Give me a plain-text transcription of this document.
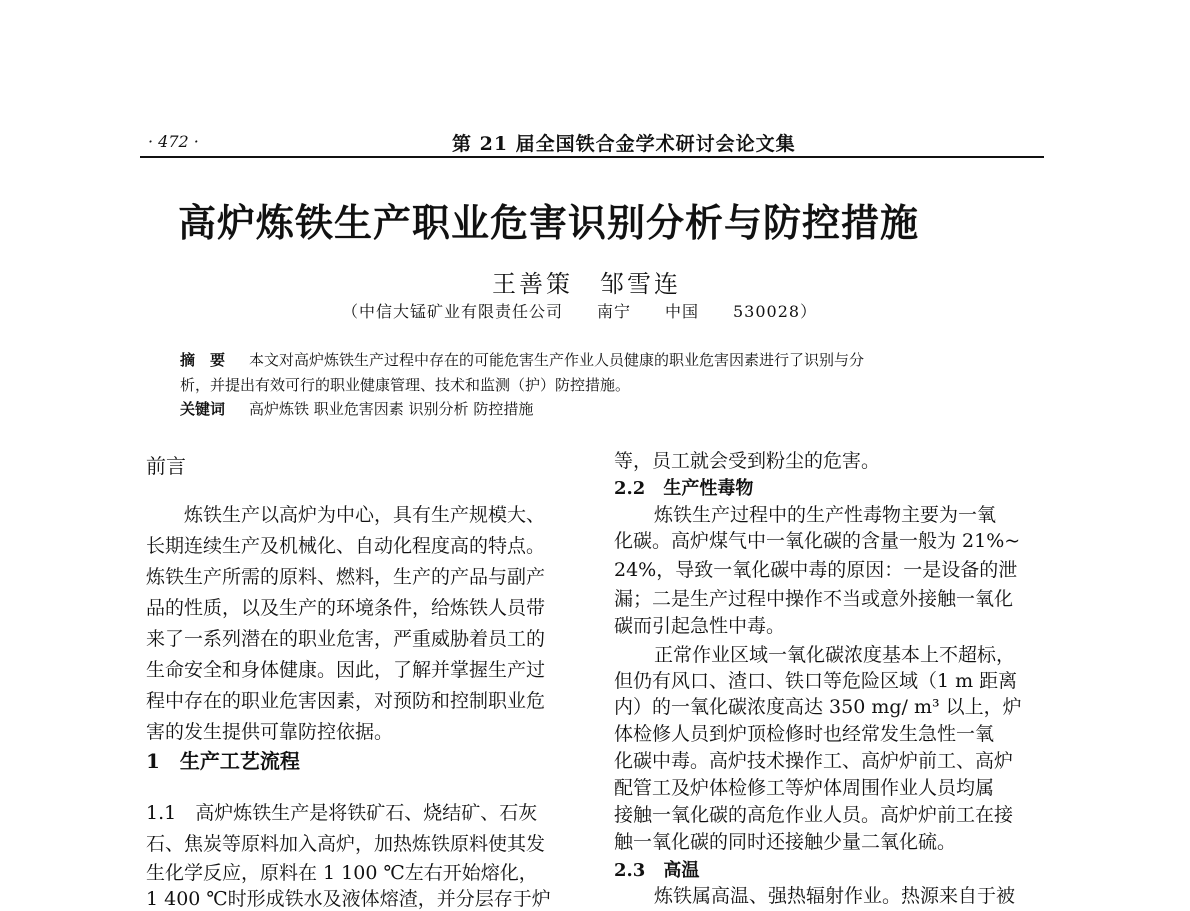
· 472 ·	第 21 届全国铁合金学术研讨会论文集
高炉炼铁生产职业危害识别分析与防控措施
王善策　邹雪连
（中信大锰矿业有限责任公司　　南宁　　中国　　530028）
摘　要 本文对高炉炼铁生产过程中存在的可能危害生产作业人员健康的职业危害因素进行了识别与分
析，并提出有效可行的职业健康管理、技术和监测（护）防控措施。
关键词 高炉炼铁 职业危害因素 识别分析 防控措施
前言
炼铁生产以高炉为中心，具有生产规模大、
长期连续生产及机械化、自动化程度高的特点。
炼铁生产所需的原料、燃料，生产的产品与副产
品的性质，以及生产的环境条件，给炼铁人员带
来了一系列潜在的职业危害，严重威胁着员工的
生命安全和身体健康。因此，了解并掌握生产过
程中存在的职业危害因素，对预防和控制职业危
害的发生提供可靠防控依据。
1　生产工艺流程
1.1　高炉炼铁生产是将铁矿石、烧结矿、石灰
石、焦炭等原料加入高炉，加热炼铁原料使其发
生化学反应，原料在 1 100 ℃左右开始熔化，
1 400 ℃时形成铁水及液体熔渣，并分层存于炉
等，员工就会受到粉尘的危害。
2.2　生产性毒物
炼铁生产过程中的生产性毒物主要为一氧
化碳。高炉煤气中一氧化碳的含量一般为 21%~
24%，导致一氧化碳中毒的原因：一是设备的泄
漏；二是生产过程中操作不当或意外接触一氧化
碳而引起急性中毒。
正常作业区域一氧化碳浓度基本上不超标，
但仍有风口、渣口、铁口等危险区域（1 m 距离
内）的一氧化碳浓度高达 350 mg/ m³ 以上，炉
体检修人员到炉顶检修时也经常发生急性一氧
化碳中毒。高炉技术操作工、高炉炉前工、高炉
配管工及炉体检修工等炉体周围作业人员均属
接触一氧化碳的高危作业人员。高炉炉前工在接
触一氧化碳的同时还接触少量二氧化硫。
2.3　高温
炼铁属高温、强热辐射作业。热源来自于被
